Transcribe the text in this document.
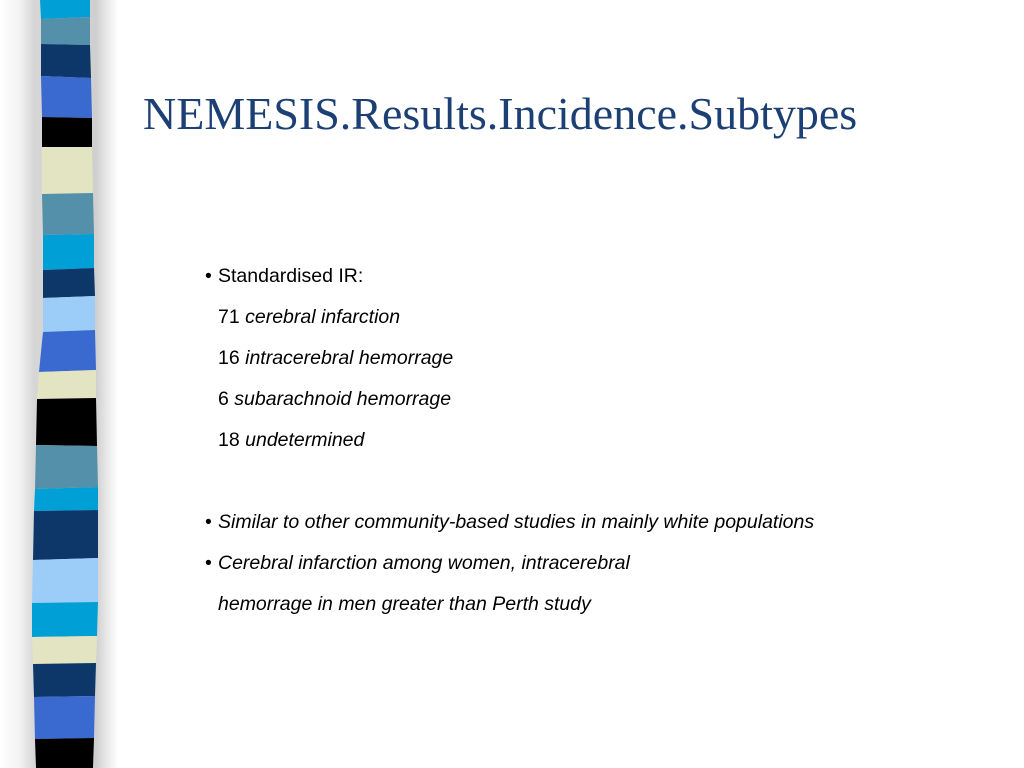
NEMESIS.Results.Incidence.Subtypes
• Standardised IR:
71 cerebral infarction
16 intracerebral hemorrage
6 subarachnoid hemorrage
18 undetermined
• Similar to other community-based studies in mainly white populations
• Cerebral infarction among women, intracerebral
hemorrage in men greater than Perth study
